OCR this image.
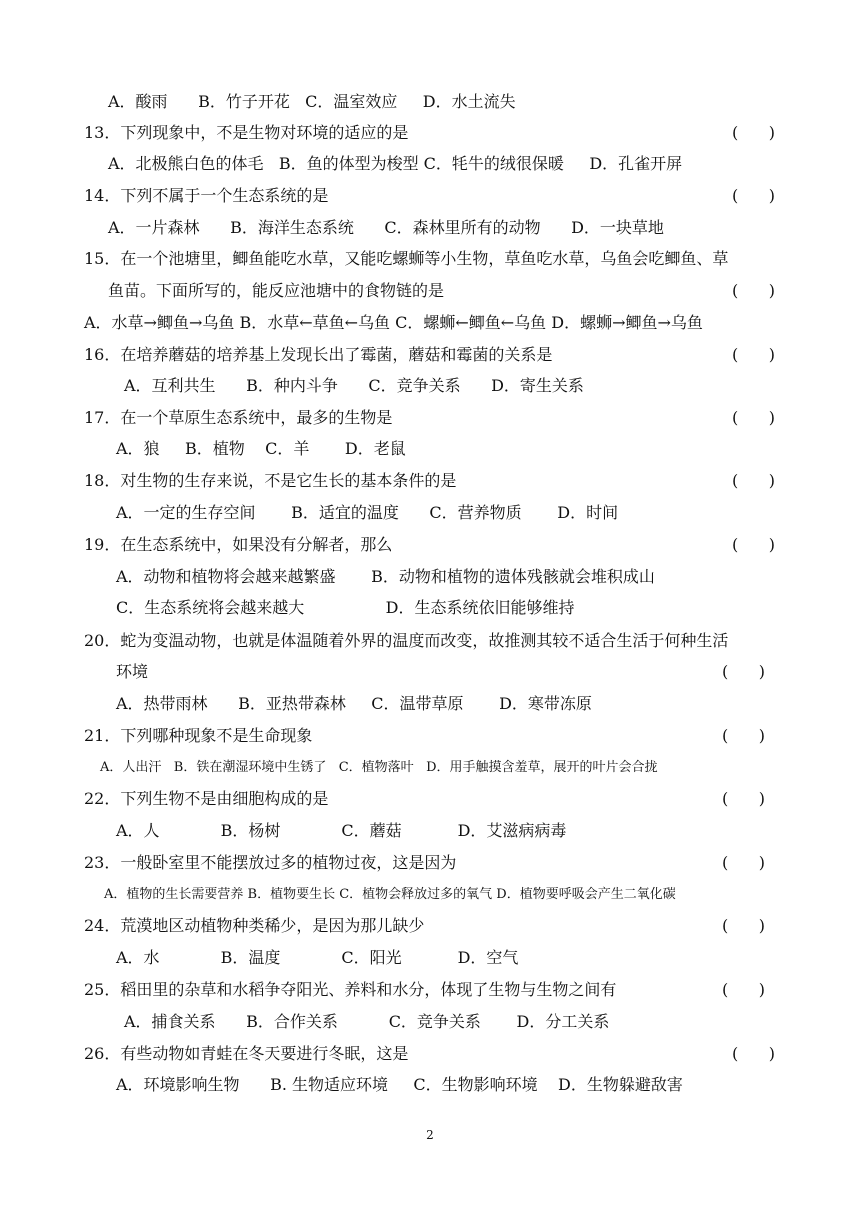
A．酸雨      B．竹子开花   C．温室效应     D．水土流失
13．下列现象中，不是生物对环境的适应的是	(      )
A．北极熊白色的体毛   B．鱼的体型为梭型 C．牦牛的绒很保暖     D．孔雀开屏
14．下列不属于一个生态系统的是	(      )
A．一片森林      B．海洋生态系统      C．森林里所有的动物      D．一块草地
15．在一个池塘里，鲫鱼能吃水草，又能吃螺蛳等小生物，草鱼吃水草，乌鱼会吃鲫鱼、草
鱼苗。下面所写的，能反应池塘中的食物链的是	(      )
A．水草→鲫鱼→乌鱼 B．水草←草鱼←乌鱼 C．螺蛳←鲫鱼←乌鱼 D．螺蛳→鲫鱼→乌鱼
16．在培养蘑菇的培养基上发现长出了霉菌，蘑菇和霉菌的关系是	(      )
A．互利共生      B．种内斗争      C．竞争关系      D．寄生关系
17．在一个草原生态系统中，最多的生物是	(      )
A．狼     B．植物    C．羊       D．老鼠
18．对生物的生存来说，不是它生长的基本条件的是	(      )
A．一定的生存空间       B．适宜的温度      C．营养物质       D．时间
19．在生态系统中，如果没有分解者，那么	(      )
A．动物和植物将会越来越繁盛       B．动物和植物的遗体残骸就会堆积成山
C．生态系统将会越来越大                D．生态系统依旧能够维持
20．蛇为变温动物，也就是体温随着外界的温度而改变，故推测其较不适合生活于何种生活
环境	(      )
A．热带雨林      B．亚热带森林     C．温带草原       D．寒带冻原
21．下列哪种现象不是生命现象	(      )
A．人出汗   B．铁在潮湿环境中生锈了   C．植物落叶   D．用手触摸含羞草，展开的叶片会合拢
22．下列生物不是由细胞构成的是	(      )
A．人            B．杨树            C．蘑菇           D．艾滋病病毒
23．一般卧室里不能摆放过多的植物过夜，这是因为	(      )
A．植物的生长需要营养 B．植物要生长 C．植物会释放过多的氧气 D．植物要呼吸会产生二氧化碳
24．荒漠地区动植物种类稀少，是因为那儿缺少	(      )
A．水            B．温度            C．阳光           D．空气
25．稻田里的杂草和水稻争夺阳光、养料和水分，体现了生物与生物之间有	(      )
A．捕食关系      B．合作关系          C．竞争关系       D．分工关系
26．有些动物如青蛙在冬天要进行冬眠，这是	(      )
A．环境影响生物      B. 生物适应环境     C．生物影响环境    D．生物躲避敌害
2
